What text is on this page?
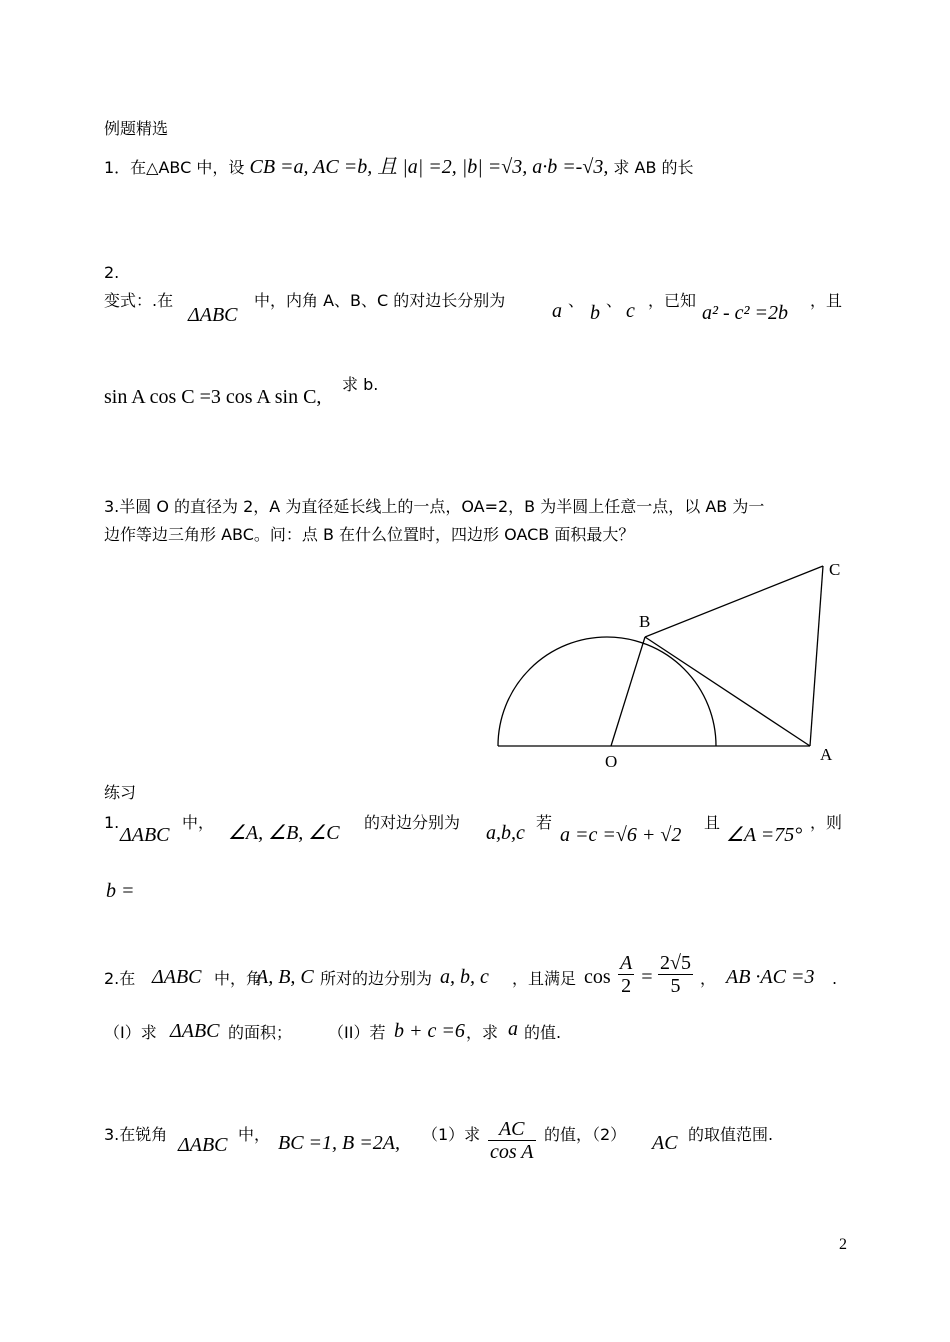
例题精选
1．在△ABC 中，设 CB =a, AC =b, 且 |a| =2, |b| =√3, a·b =-√3, 求 AB 的长
2.
变式：.在
ΔABC
中，内角 A、B、C 的对边长分别为 a 、
b
、 c ，已知
a² - c² =2b
，且
sin A cos C =3 cos A sin C,
求 b.
3.半圆 O 的直径为 2，A 为直径延长线上的一点，OA=2，B 为半圆上任意一点，以 AB 为一
边作等边三角形 ABC。问：点 B 在什么位置时，四边形 OACB 面积最大？
C
B
O	A
练习
1.
ΔABC
中， ∠A, ∠B, ∠C 的对边分别为 a,b,c 若
a =c =√6 + √2
且
∠A =75°
，则
b =
2.在 ΔABC 中，角
A, B, C 所对的边分别为 a, b, c ，且满足 $\cos \frac{A}{2} = \frac{2√5}{5}$ ， AB ·AC =3 .
（I）求 ΔABC 的面积； （II）若 b + c =6 ，求 a 的值.
3.在锐角 ΔABC 中， BC =1, B =2A, （1）求 $\frac{AC}{\text{cos A}}$ 的值，（2） AC 的取值范围.
2
